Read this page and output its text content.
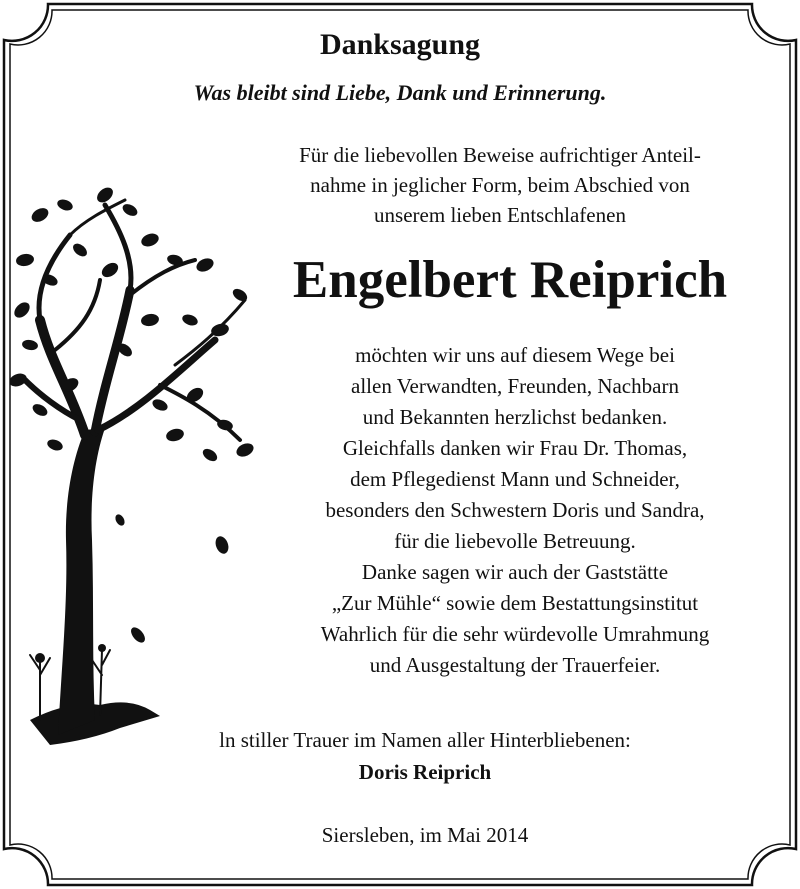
Danksagung
Was bleibt sind Liebe, Dank und Erinnerung.
Für die liebevollen Beweise aufrichtiger Anteil-
nahme in jeglicher Form, beim Abschied von
unserem lieben Entschlafenen
Engelbert Reiprich
möchten wir uns auf diesem Wege bei
allen Verwandten, Freunden, Nachbarn
und Bekannten herzlichst bedanken.
Gleichfalls danken wir Frau Dr. Thomas,
dem Pflegedienst Mann und Schneider,
besonders den Schwestern Doris und Sandra,
für die liebevolle Betreuung.
Danke sagen wir auch der Gaststätte
„Zur Mühle“ sowie dem Bestattungsinstitut
Wahrlich für die sehr würdevolle Umrahmung
und Ausgestaltung der Trauerfeier.
ln stiller Trauer im Namen aller Hinterbliebenen:
Doris Reiprich
Siersleben, im Mai 2014
